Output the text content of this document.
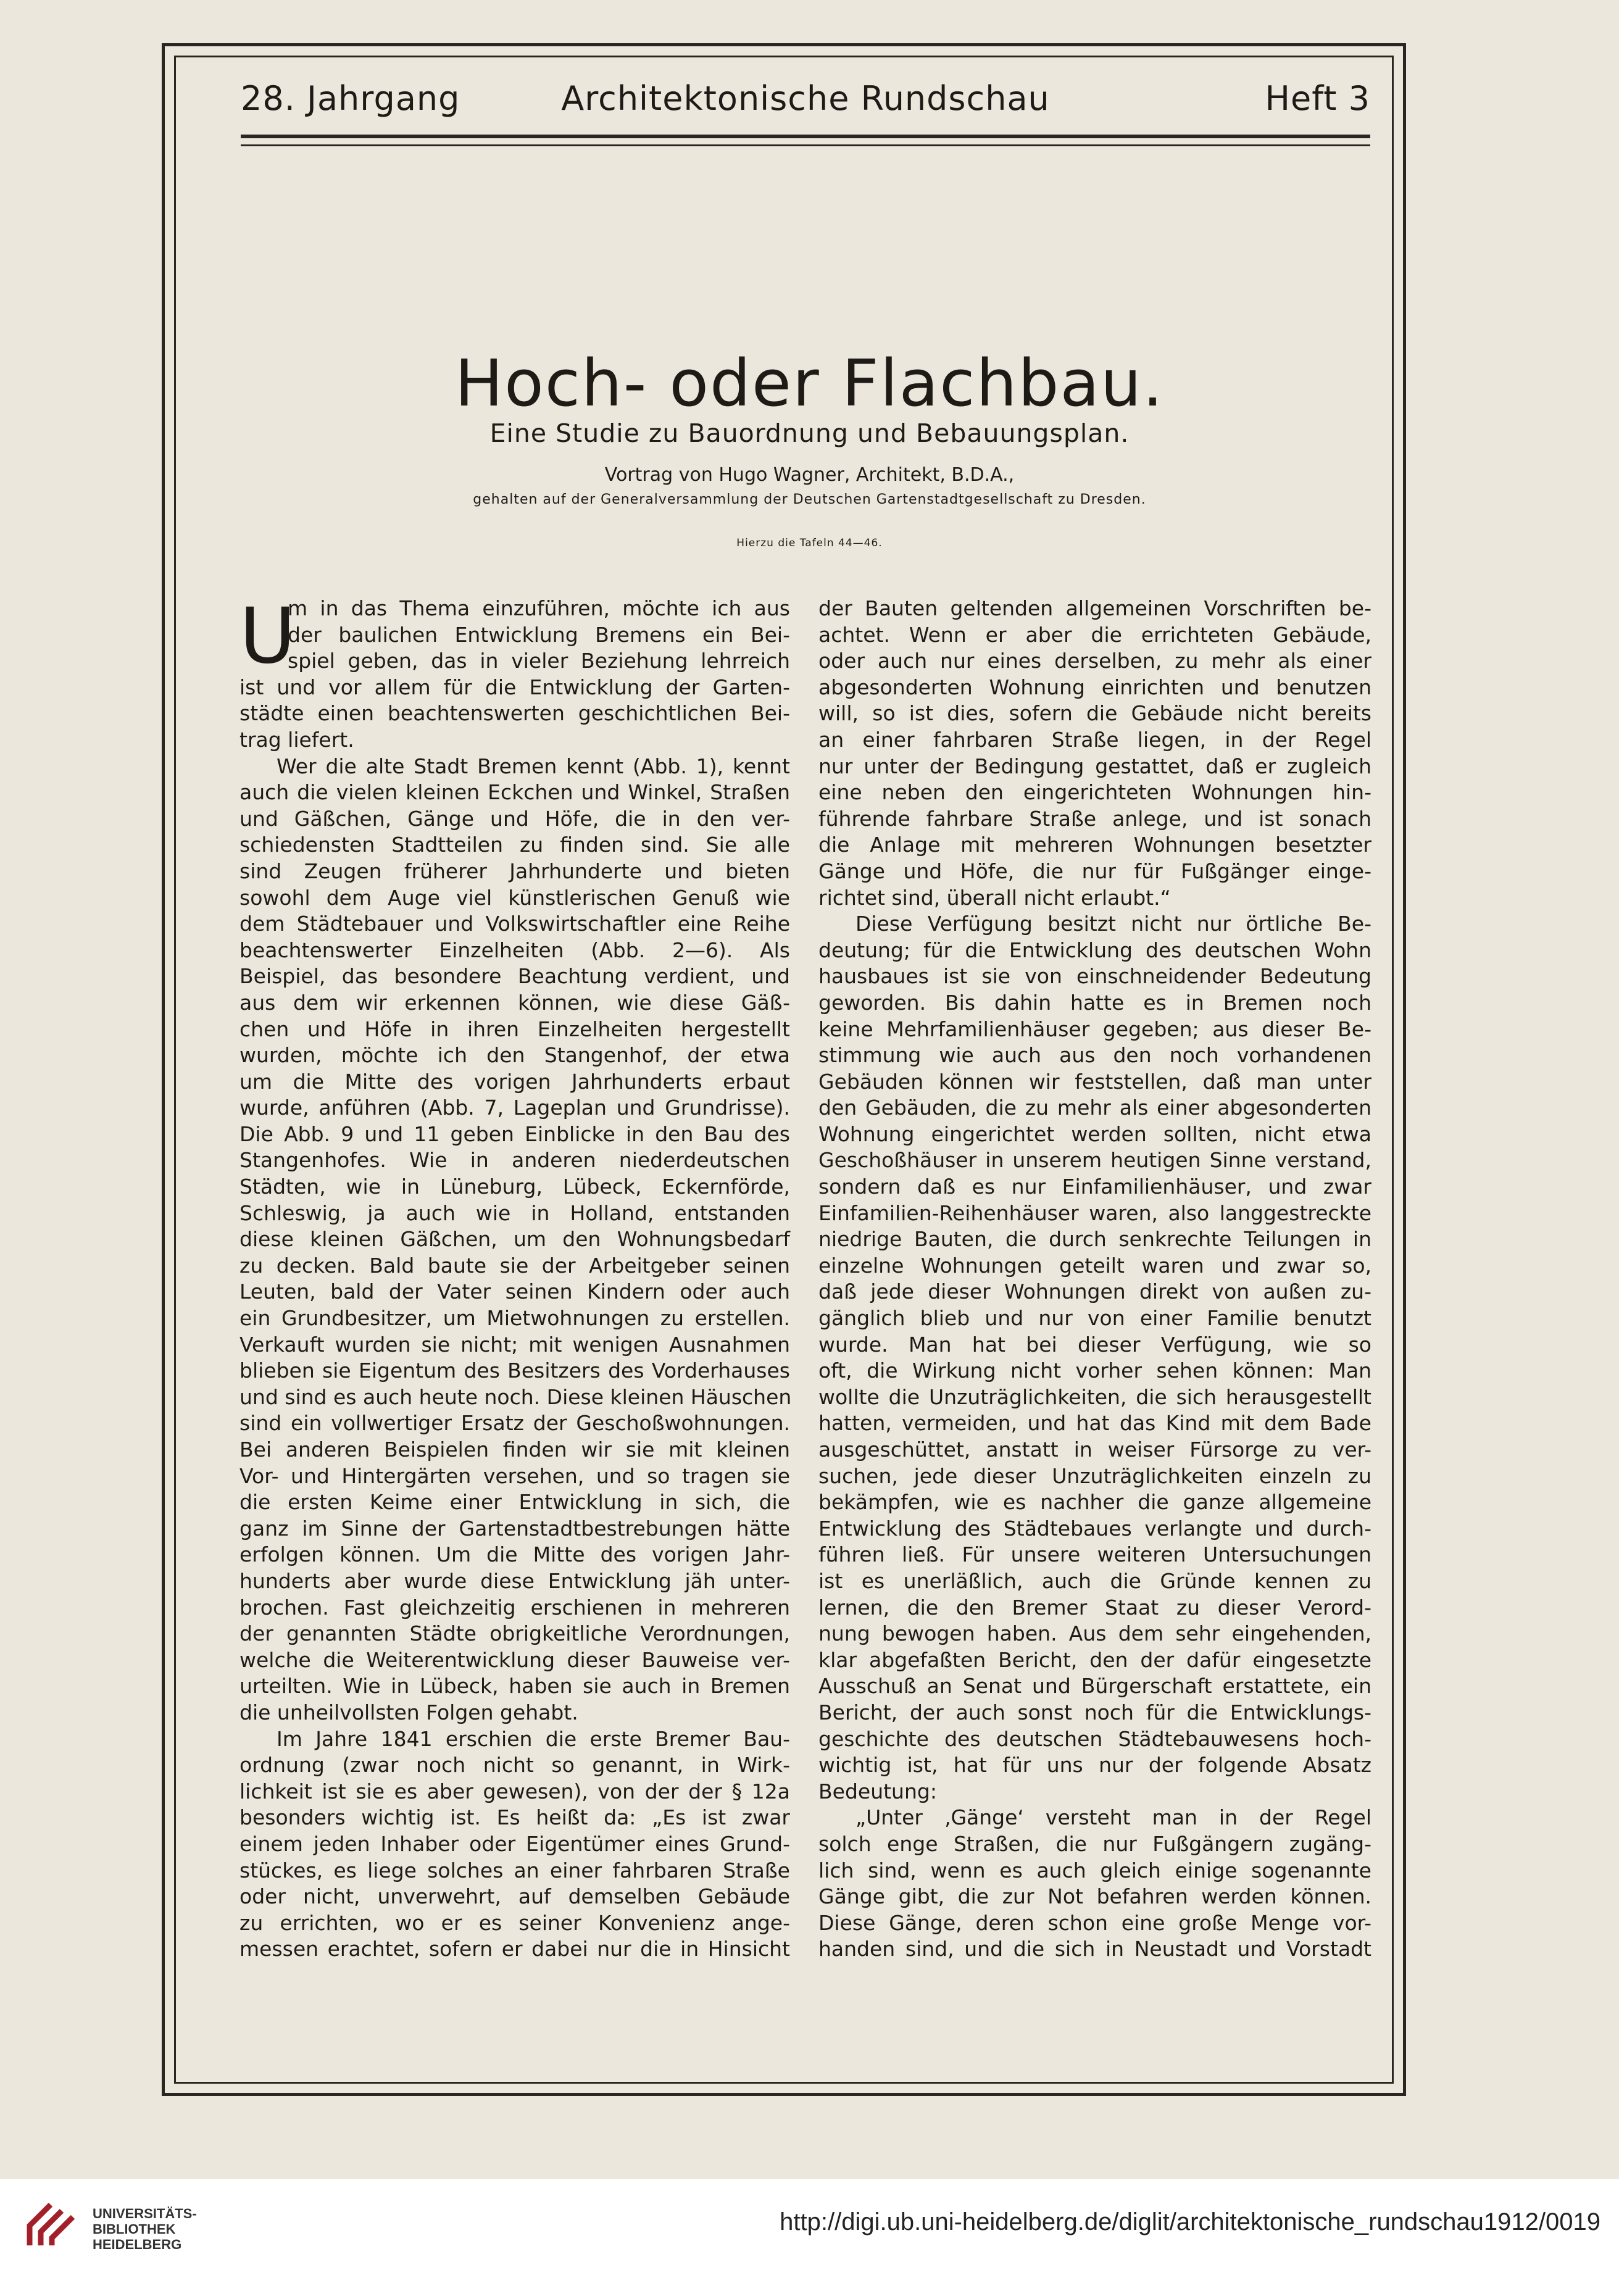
28. Jahrgang	Architektonische Rundschau	Heft 3
Hoch- oder Flachbau.
Eine Studie zu Bauordnung und Bebauungsplan.
Vortrag von Hugo Wagner, Architekt, B.D.A.,
gehalten auf der Generalversammlung der Deutschen Gartenstadtgesellschaft zu Dresden.
Hierzu die Tafeln 44—46.
U
m in das Thema einzuführen, möchte ich aus
der baulichen Entwicklung Bremens ein Bei-
spiel geben, das in vieler Beziehung lehrreich
ist und vor allem für die Entwicklung der Garten-
städte einen beachtenswerten geschichtlichen Bei-
trag liefert.
Wer die alte Stadt Bremen kennt (Abb. 1), kennt
auch die vielen kleinen Eckchen und Winkel, Straßen
und Gäßchen, Gänge und Höfe, die in den ver-
schiedensten Stadtteilen zu finden sind. Sie alle
sind Zeugen früherer Jahrhunderte und bieten
sowohl dem Auge viel künstlerischen Genuß wie
dem Städtebauer und Volkswirtschaftler eine Reihe
beachtenswerter Einzelheiten (Abb. 2—6). Als
Beispiel, das besondere Beachtung verdient, und
aus dem wir erkennen können, wie diese Gäß-
chen und Höfe in ihren Einzelheiten hergestellt
wurden, möchte ich den Stangenhof, der etwa
um die Mitte des vorigen Jahrhunderts erbaut
wurde, anführen (Abb. 7, Lageplan und Grundrisse).
Die Abb. 9 und 11 geben Einblicke in den Bau des
Stangenhofes. Wie in anderen niederdeutschen
Städten, wie in Lüneburg, Lübeck, Eckernförde,
Schleswig, ja auch wie in Holland, entstanden
diese kleinen Gäßchen, um den Wohnungsbedarf
zu decken. Bald baute sie der Arbeitgeber seinen
Leuten, bald der Vater seinen Kindern oder auch
ein Grundbesitzer, um Mietwohnungen zu erstellen.
Verkauft wurden sie nicht; mit wenigen Ausnahmen
blieben sie Eigentum des Besitzers des Vorderhauses
und sind es auch heute noch. Diese kleinen Häuschen
sind ein vollwertiger Ersatz der Geschoßwohnungen.
Bei anderen Beispielen finden wir sie mit kleinen
Vor- und Hintergärten versehen, und so tragen sie
die ersten Keime einer Entwicklung in sich, die
ganz im Sinne der Gartenstadtbestrebungen hätte
erfolgen können. Um die Mitte des vorigen Jahr-
hunderts aber wurde diese Entwicklung jäh unter-
brochen. Fast gleichzeitig erschienen in mehreren
der genannten Städte obrigkeitliche Verordnungen,
welche die Weiterentwicklung dieser Bauweise ver-
urteilten. Wie in Lübeck, haben sie auch in Bremen
die unheilvollsten Folgen gehabt.
Im Jahre 1841 erschien die erste Bremer Bau-
ordnung (zwar noch nicht so genannt, in Wirk-
lichkeit ist sie es aber gewesen), von der der § 12a
besonders wichtig ist. Es heißt da: „Es ist zwar
einem jeden Inhaber oder Eigentümer eines Grund-
stückes, es liege solches an einer fahrbaren Straße
oder nicht, unverwehrt, auf demselben Gebäude
zu errichten, wo er es seiner Konvenienz ange-
messen erachtet, sofern er dabei nur die in Hinsicht
der Bauten geltenden allgemeinen Vorschriften be-
achtet. Wenn er aber die errichteten Gebäude,
oder auch nur eines derselben, zu mehr als einer
abgesonderten Wohnung einrichten und benutzen
will, so ist dies, sofern die Gebäude nicht bereits
an einer fahrbaren Straße liegen, in der Regel
nur unter der Bedingung gestattet, daß er zugleich
eine neben den eingerichteten Wohnungen hin-
führende fahrbare Straße anlege, und ist sonach
die Anlage mit mehreren Wohnungen besetzter
Gänge und Höfe, die nur für Fußgänger einge-
richtet sind, überall nicht erlaubt.“
Diese Verfügung besitzt nicht nur örtliche Be-
deutung; für die Entwicklung des deutschen Wohn
hausbaues ist sie von einschneidender Bedeutung
geworden. Bis dahin hatte es in Bremen noch
keine Mehrfamilienhäuser gegeben; aus dieser Be-
stimmung wie auch aus den noch vorhandenen
Gebäuden können wir feststellen, daß man unter
den Gebäuden, die zu mehr als einer abgesonderten
Wohnung eingerichtet werden sollten, nicht etwa
Geschoßhäuser in unserem heutigen Sinne verstand,
sondern daß es nur Einfamilienhäuser, und zwar
Einfamilien-Reihenhäuser waren, also langgestreckte
niedrige Bauten, die durch senkrechte Teilungen in
einzelne Wohnungen geteilt waren und zwar so,
daß jede dieser Wohnungen direkt von außen zu-
gänglich blieb und nur von einer Familie benutzt
wurde. Man hat bei dieser Verfügung, wie so
oft, die Wirkung nicht vorher sehen können: Man
wollte die Unzuträglichkeiten, die sich herausgestellt
hatten, vermeiden, und hat das Kind mit dem Bade
ausgeschüttet, anstatt in weiser Fürsorge zu ver-
suchen, jede dieser Unzuträglichkeiten einzeln zu
bekämpfen, wie es nachher die ganze allgemeine
Entwicklung des Städtebaues verlangte und durch-
führen ließ. Für unsere weiteren Untersuchungen
ist es unerläßlich, auch die Gründe kennen zu
lernen, die den Bremer Staat zu dieser Verord-
nung bewogen haben. Aus dem sehr eingehenden,
klar abgefaßten Bericht, den der dafür eingesetzte
Ausschuß an Senat und Bürgerschaft erstattete, ein
Bericht, der auch sonst noch für die Entwicklungs-
geschichte des deutschen Städtebauwesens hoch-
wichtig ist, hat für uns nur der folgende Absatz
Bedeutung:
„Unter ‚Gänge‘ versteht man in der Regel
solch enge Straßen, die nur Fußgängern zugäng-
lich sind, wenn es auch gleich einige sogenannte
Gänge gibt, die zur Not befahren werden können.
Diese Gänge, deren schon eine große Menge vor-
handen sind, und die sich in Neustadt und Vorstadt
UNIVERSITÄTS-
BIBLIOTHEK
HEIDELBERG
http://digi.ub.uni-heidelberg.de/diglit/architektonische_rundschau1912/0019
